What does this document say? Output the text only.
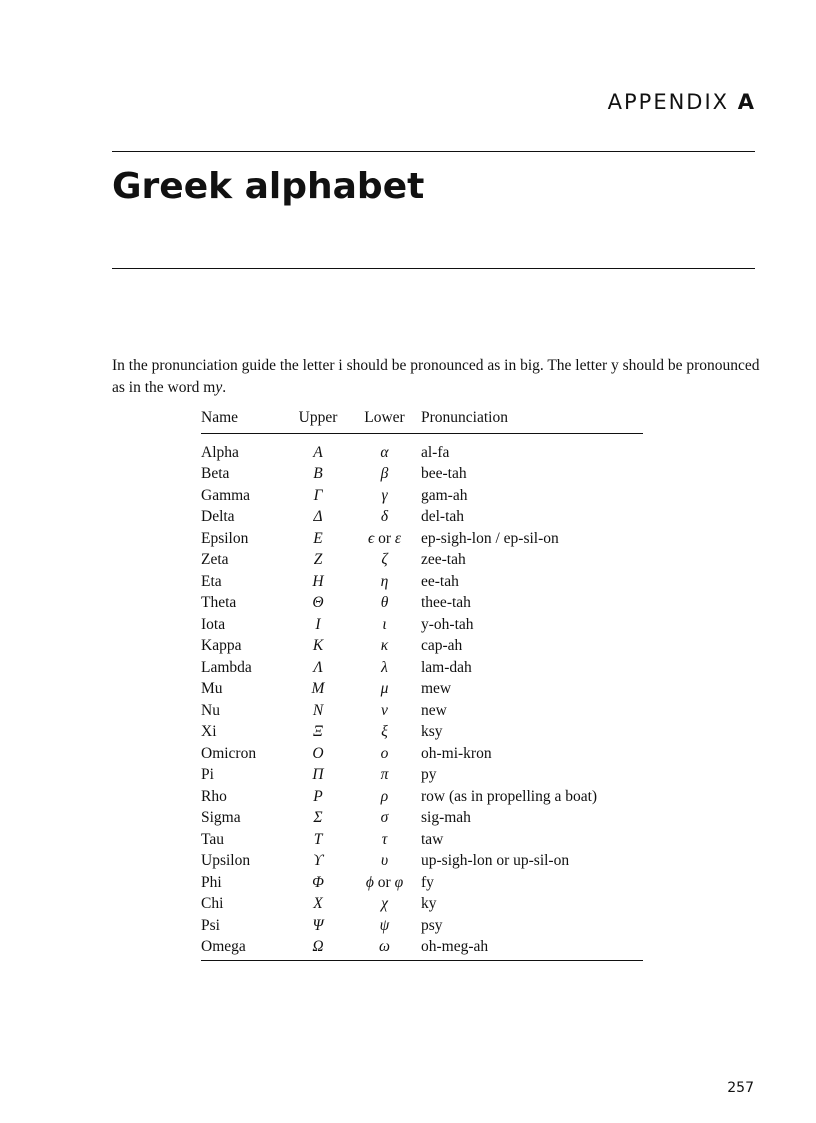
APPENDIX A
Greek alphabet

In the pronunciation guide the letter i should be pronounced as in big. The letter y should be pronounced as in the word my.

Name	Upper	Lower	Pronunciation
Alpha	A	α	al-fa
Beta	B	β	bee-tah
Gamma	Γ	γ	gam-ah
Delta	Δ	δ	del-tah
Epsilon	E	ϵ or ε	ep-sigh-lon / ep-sil-on
Zeta	Z	ζ	zee-tah
Eta	H	η	ee-tah
Theta	Θ	θ	thee-tah
Iota	I	ι	y-oh-tah
Kappa	K	κ	cap-ah
Lambda	Λ	λ	lam-dah
Mu	M	μ	mew
Nu	N	ν	new
Xi	Ξ	ξ	ksy
Omicron	O	o	oh-mi-kron
Pi	Π	π	py
Rho	P	ρ	row (as in propelling a boat)
Sigma	Σ	σ	sig-mah
Tau	T	τ	taw
Upsilon	ϒ	υ	up-sigh-lon or up-sil-on
Phi	Φ	ϕ or φ	fy
Chi	X	χ	ky
Psi	Ψ	ψ	psy
Omega	Ω	ω	oh-meg-ah
257
